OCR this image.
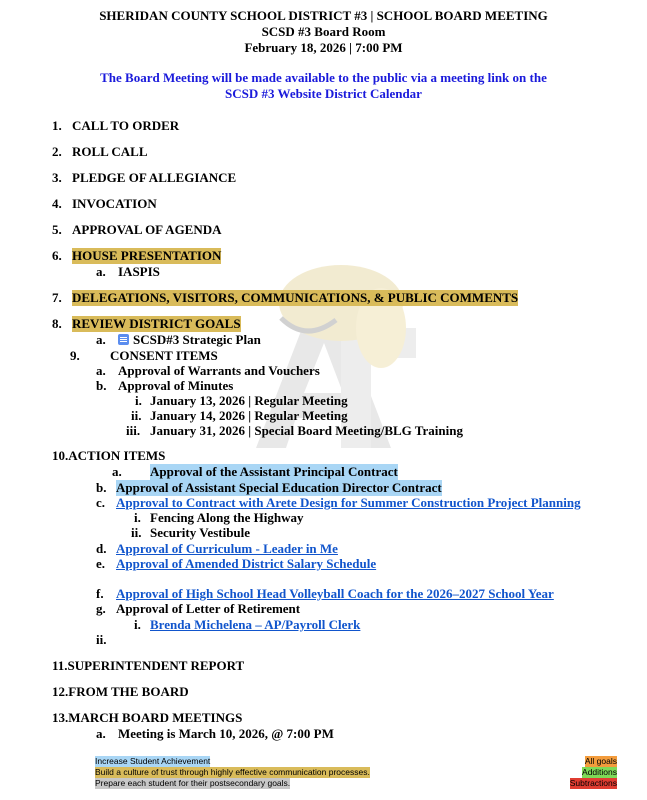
SHERIDAN COUNTY SCHOOL DISTRICT #3 | SCHOOL BOARD MEETING
SCSD #3 Board Room
February 18, 2026 | 7:00 PM
The Board Meeting will be made available to the public via a meeting link on the
SCSD #3 Website District Calendar
1. CALL TO ORDER
2. ROLL CALL
3. PLEDGE OF ALLEGIANCE
4. INVOCATION
5. APPROVAL OF AGENDA
6. HOUSE PRESENTATION
a. IASPIS
7. DELEGATIONS, VISITORS, COMMUNICATIONS, & PUBLIC COMMENTS
8. REVIEW DISTRICT GOALS
a.	SCSD#3 Strategic Plan
9. CONSENT ITEMS
a. Approval of Warrants and Vouchers
b. Approval of Minutes
i. January 13, 2026 | Regular Meeting
ii. January 14, 2026 | Regular Meeting
iii. January 31, 2026 | Special Board Meeting/BLG Training
10.ACTION ITEMS
a. Approval of the Assistant Principal Contract
b. Approval of Assistant Special Education Director Contract
c. Approval to Contract with Arete Design for Summer Construction Project Planning
i. Fencing Along the Highway
ii. Security Vestibule
d. Approval of Curriculum - Leader in Me
e. Approval of Amended District Salary Schedule
f. Approval of High School Head Volleyball Coach for the 2026–2027 School Year
g. Approval of Letter of Retirement
i. Brenda Michelena – AP/Payroll Clerk
ii.
11.SUPERINTENDENT REPORT
12.FROM THE BOARD
13.MARCH BOARD MEETINGS
a. Meeting is March 10, 2026, @ 7:00 PM
Increase Student Achievement
Build a culture of trust through highly effective communication processes.
Prepare each student for their postsecondary goals.
All goals
Additions
Subtractions
